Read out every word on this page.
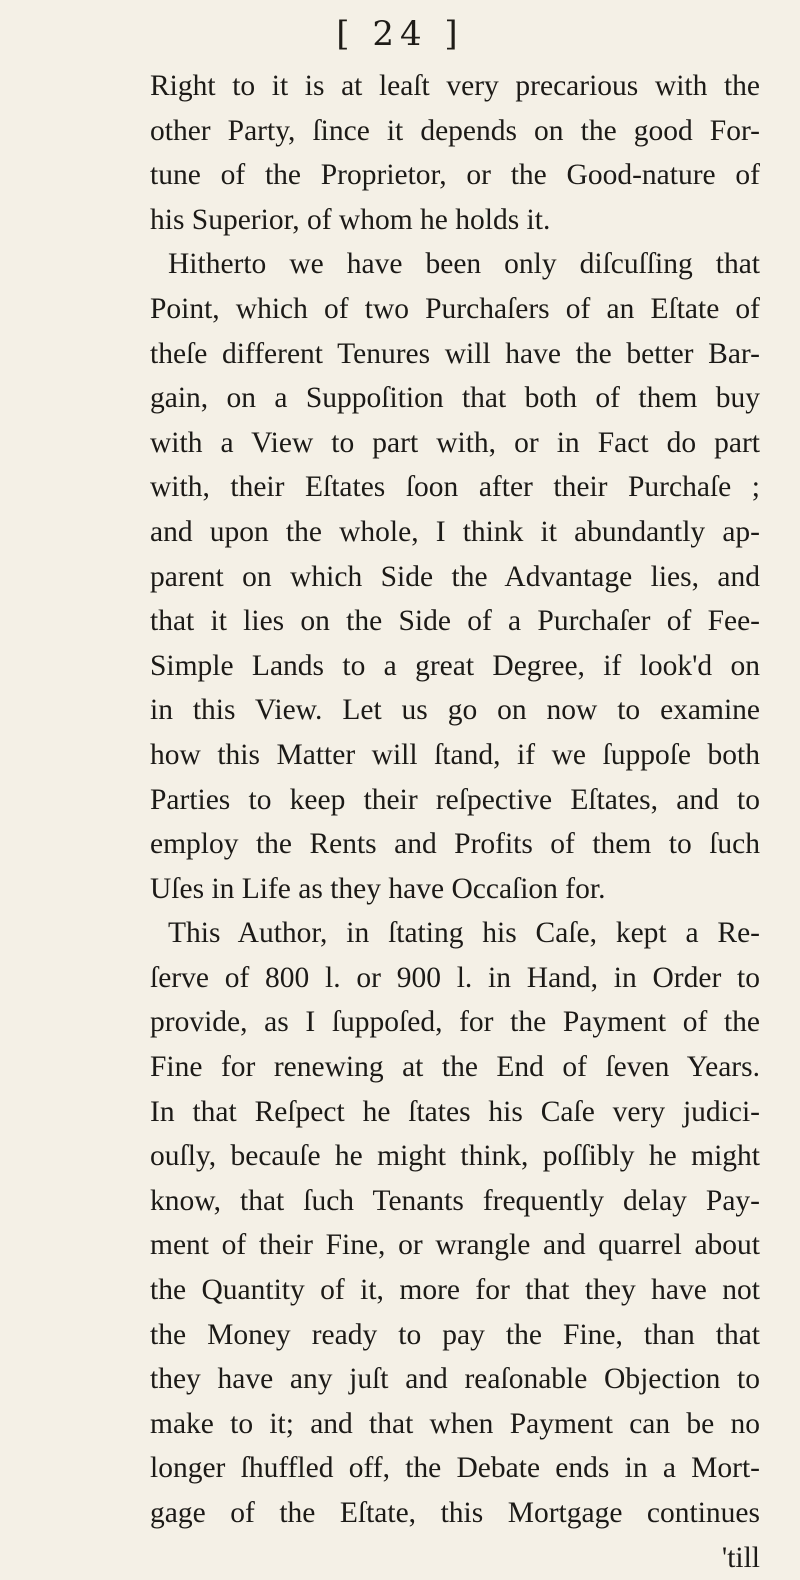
[ 24 ]
Right to it is at leaſt very precarious with the
other Party, ſince it depends on the good For-
tune of the Proprietor, or the Good-nature of
his Superior, of whom he holds it.
Hitherto we have been only diſcuſſing that
Point, which of two Purchaſers of an Eſtate of
theſe different Tenures will have the better Bar-
gain, on a Suppoſition that both of them buy
with a View to part with, or in Fact do part
with, their Eſtates ſoon after their Purchaſe ;
and upon the whole, I think it abundantly ap-
parent on which Side the Advantage lies, and
that it lies on the Side of a Purchaſer of Fee-
Simple Lands to a great Degree, if look'd on
in this View. Let us go on now to examine
how this Matter will ſtand, if we ſuppoſe both
Parties to keep their reſpective Eſtates, and to
employ the Rents and Profits of them to ſuch
Uſes in Life as they have Occaſion for.
This Author, in ſtating his Caſe, kept a Re-
ſerve of 800 l. or 900 l. in Hand, in Order to
provide, as I ſuppoſed, for the Payment of the
Fine for renewing at the End of ſeven Years.
In that Reſpect he ſtates his Caſe very judici-
ouſly, becauſe he might think, poſſibly he might
know, that ſuch Tenants frequently delay Pay-
ment of their Fine, or wrangle and quarrel about
the Quantity of it, more for that they have not
the Money ready to pay the Fine, than that
they have any juſt and reaſonable Objection to
make to it; and that when Payment can be no
longer ſhuffled off, the Debate ends in a Mort-
gage of the Eſtate, this Mortgage continues
'till
